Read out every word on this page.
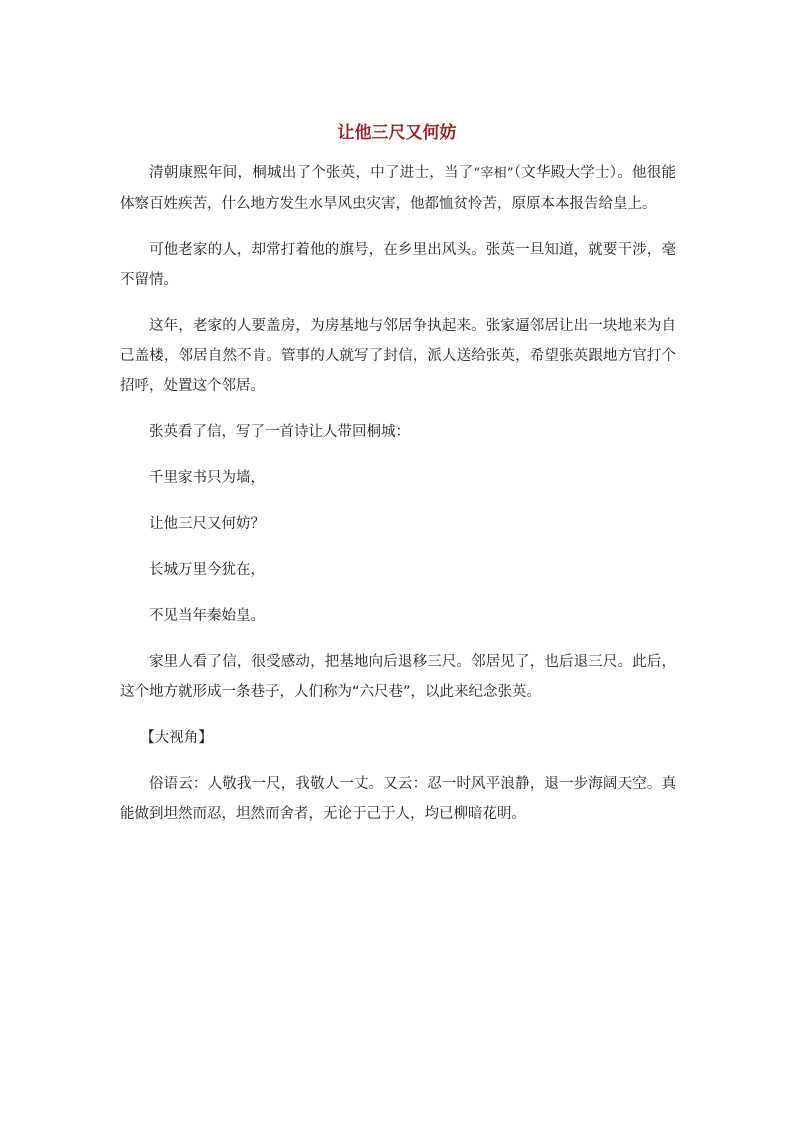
让他三尺又何妨

清朝康熙年间，桐城出了个张英，中了进士，当了“宰相”（文华殿大学士）。他很能体察百姓疾苦，什么地方发生水旱风虫灾害，他都恤贫怜苦，原原本本报告给皇上。

可他老家的人，却常打着他的旗号，在乡里出风头。张英一旦知道，就要干涉，毫不留情。

这年，老家的人要盖房，为房基地与邻居争执起来。张家逼邻居让出一块地来为自己盖楼，邻居自然不肯。管事的人就写了封信，派人送给张英，希望张英跟地方官打个招呼，处置这个邻居。

张英看了信，写了一首诗让人带回桐城：

千里家书只为墙，

让他三尺又何妨？

长城万里今犹在，

不见当年秦始皇。

家里人看了信，很受感动，把基地向后退移三尺。邻居见了，也后退三尺。此后，这个地方就形成一条巷子，人们称为“六尺巷”，以此来纪念张英。

【大视角】

俗语云：人敬我一尺，我敬人一丈。又云：忍一时风平浪静，退一步海阔天空。真能做到坦然而忍，坦然而舍者，无论于己于人，均已柳暗花明。
